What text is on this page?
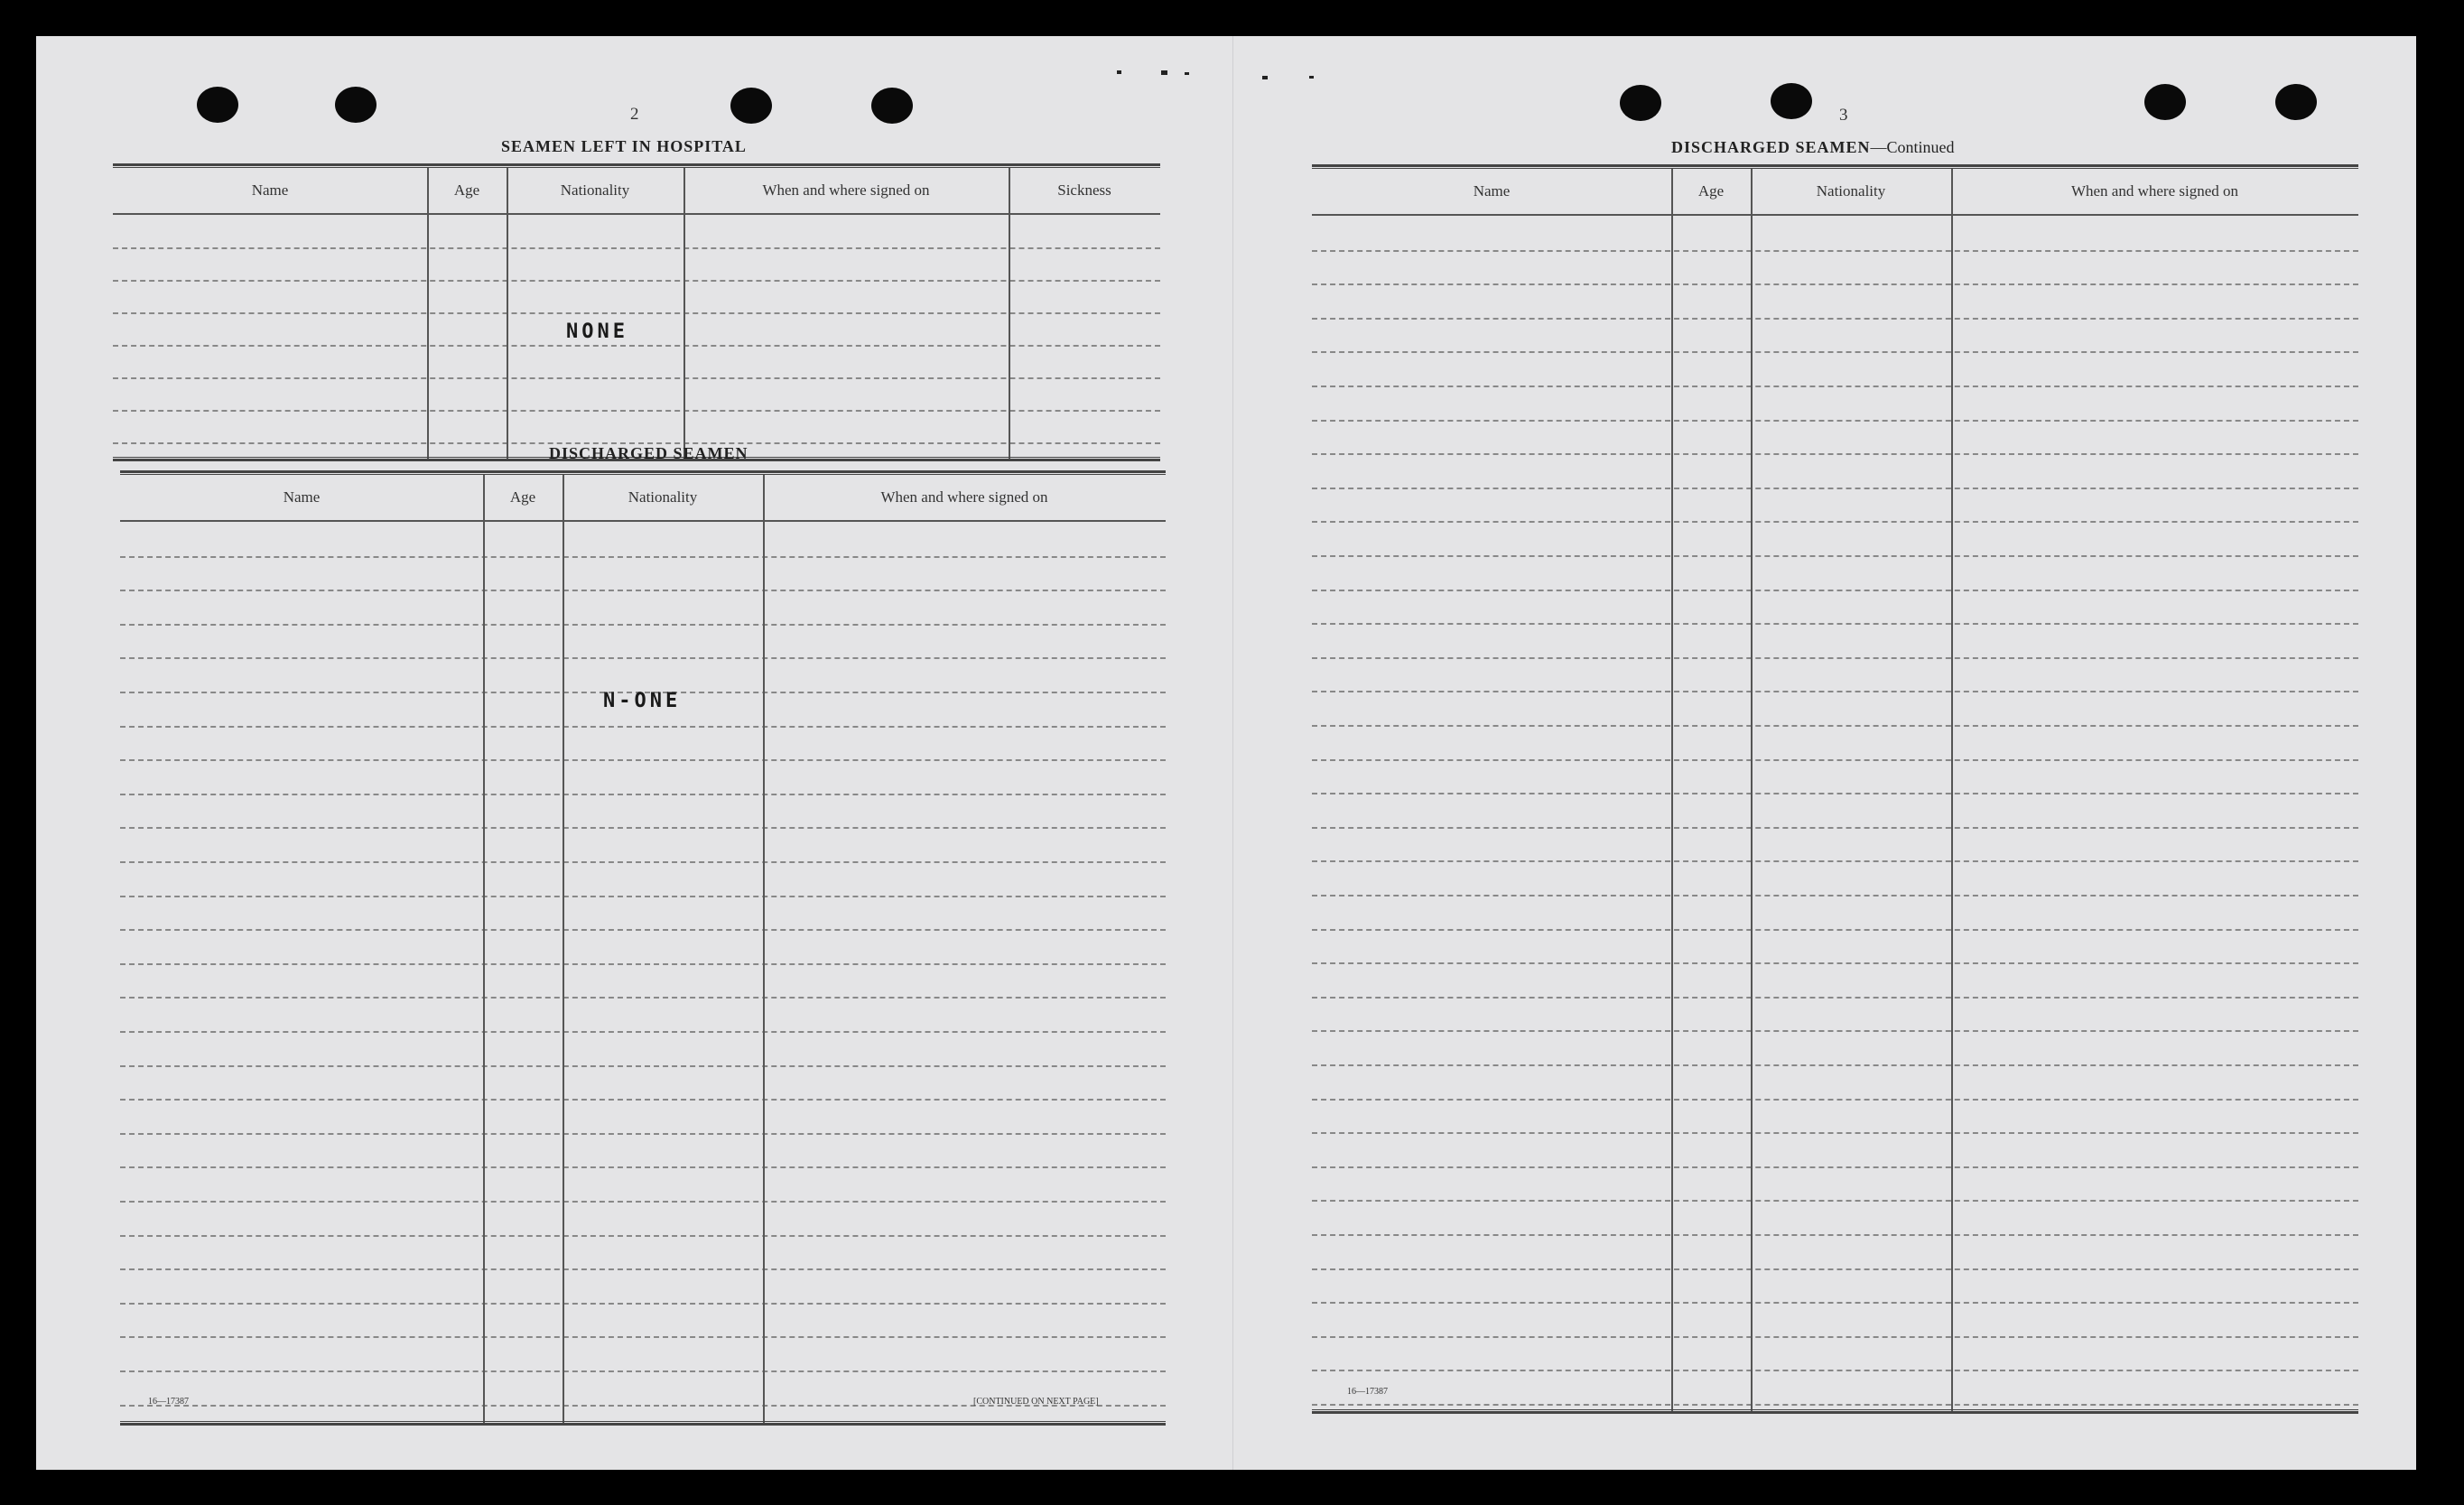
2	3
SEAMEN LEFT IN HOSPITAL
Name	Age	Nationality	When and where signed on	Sickness
NONE
DISCHARGED SEAMEN
Name	Age	Nationality	When and where signed on
N-ONE
16—17387	[CONTINUED ON NEXT PAGE]
DISCHARGED SEAMEN—Continued
Name	Age	Nationality	When and where signed on
16—17387
